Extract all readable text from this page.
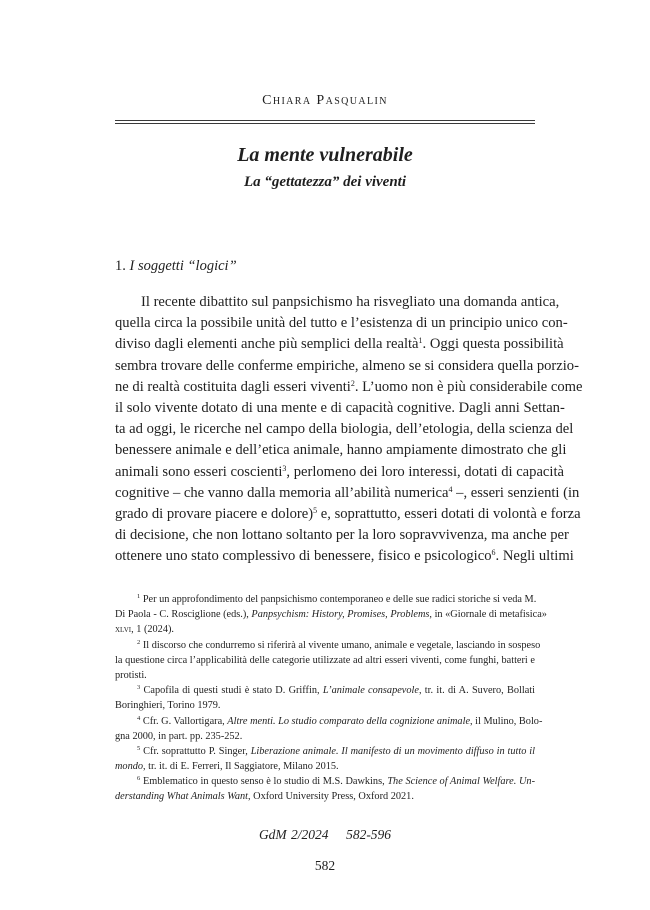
Chiara Pasqualin
La mente vulnerabile
La “gettatezza” dei viventi
1. I soggetti “logici”
Il recente dibattito sul panpsichismo ha risvegliato una domanda antica,
quella circa la possibile unità del tutto e l’esistenza di un principio unico con-
diviso dagli elementi anche più semplici della realtà$^1$. Oggi questa possibilità
sembra trovare delle conferme empiriche, almeno se si considera quella porzio-
ne di realtà costituita dagli esseri viventi$^2$. L’uomo non è più considerabile come
il solo vivente dotato di una mente e di capacità cognitive. Dagli anni Settan-
ta ad oggi, le ricerche nel campo della biologia, dell’etologia, della scienza del
benessere animale e dell’etica animale, hanno ampiamente dimostrato che gli
animali sono esseri coscienti$^3$, perlomeno dei loro interessi, dotati di capacità
cognitive – che vanno dalla memoria all’abilità numerica$^4$ –, esseri senzienti (in
grado di provare piacere e dolore)$^5$ e, soprattutto, esseri dotati di volontà e forza
di decisione, che non lottano soltanto per la loro sopravvivenza, ma anche per
ottenere uno stato complessivo di benessere, fisico e psicologico$^6$. Negli ultimi
$^1$ Per un approfondimento del panpsichismo contemporaneo e delle sue radici storiche si veda M.
Di Paola - C. Rosciglione (eds.), Panpsychism: History, Promises, Problems, in «Giornale di metafisica»
xlvi, 1 (2024).
$^2$ Il discorso che condurremo si riferirà al vivente umano, animale e vegetale, lasciando in sospeso
la questione circa l’applicabilità delle categorie utilizzate ad altri esseri viventi, come funghi, batteri e
protisti.
$^3$ Capofila di questi studi è stato D. Griffin, L’animale consapevole, tr. it. di A. Suvero, Bollati
Boringhieri, Torino 1979.
$^4$ Cfr. G. Vallortigara, Altre menti. Lo studio comparato della cognizione animale, il Mulino, Bolo-
gna 2000, in part. pp. 235-252.
$^5$ Cfr. soprattutto P. Singer, Liberazione animale. Il manifesto di un movimento diffuso in tutto il
mondo, tr. it. di E. Ferreri, Il Saggiatore, Milano 2015.
$^6$ Emblematico in questo senso è lo studio di M.S. Dawkins, The Science of Animal Welfare. Un-
derstanding What Animals Want, Oxford University Press, Oxford 2021.
GdM 2/2024 582-596
582
